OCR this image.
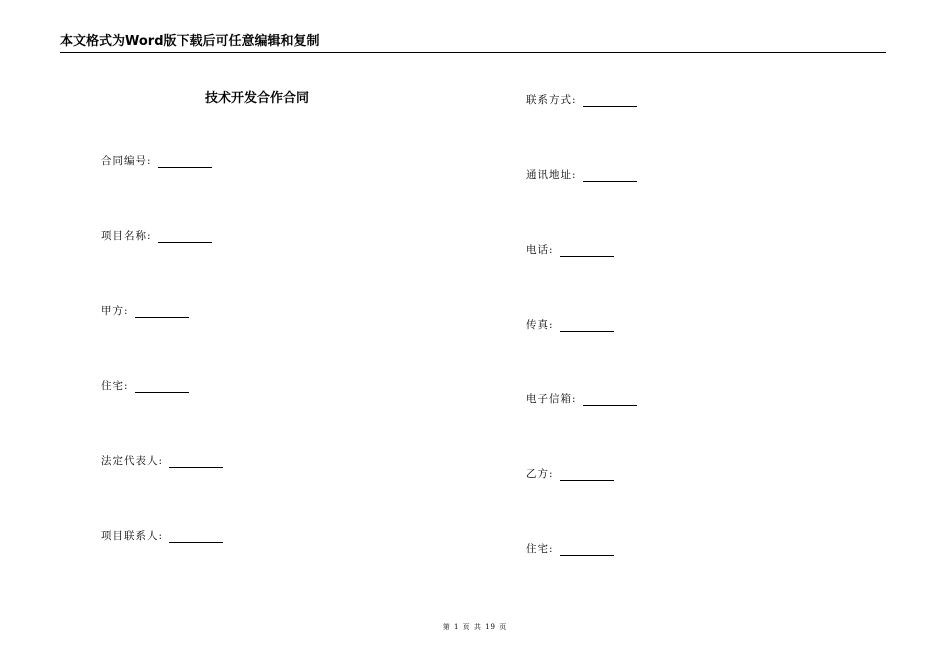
本文格式为Word版下载后可任意编辑和复制
技术开发合作合同
合同编号:
项目名称:
甲方:
住宅:
法定代表人:
项目联系人:
联系方式:
通讯地址:
电话:
传真:
电子信箱:
乙方:
住宅:
第 1 页 共 19 页
